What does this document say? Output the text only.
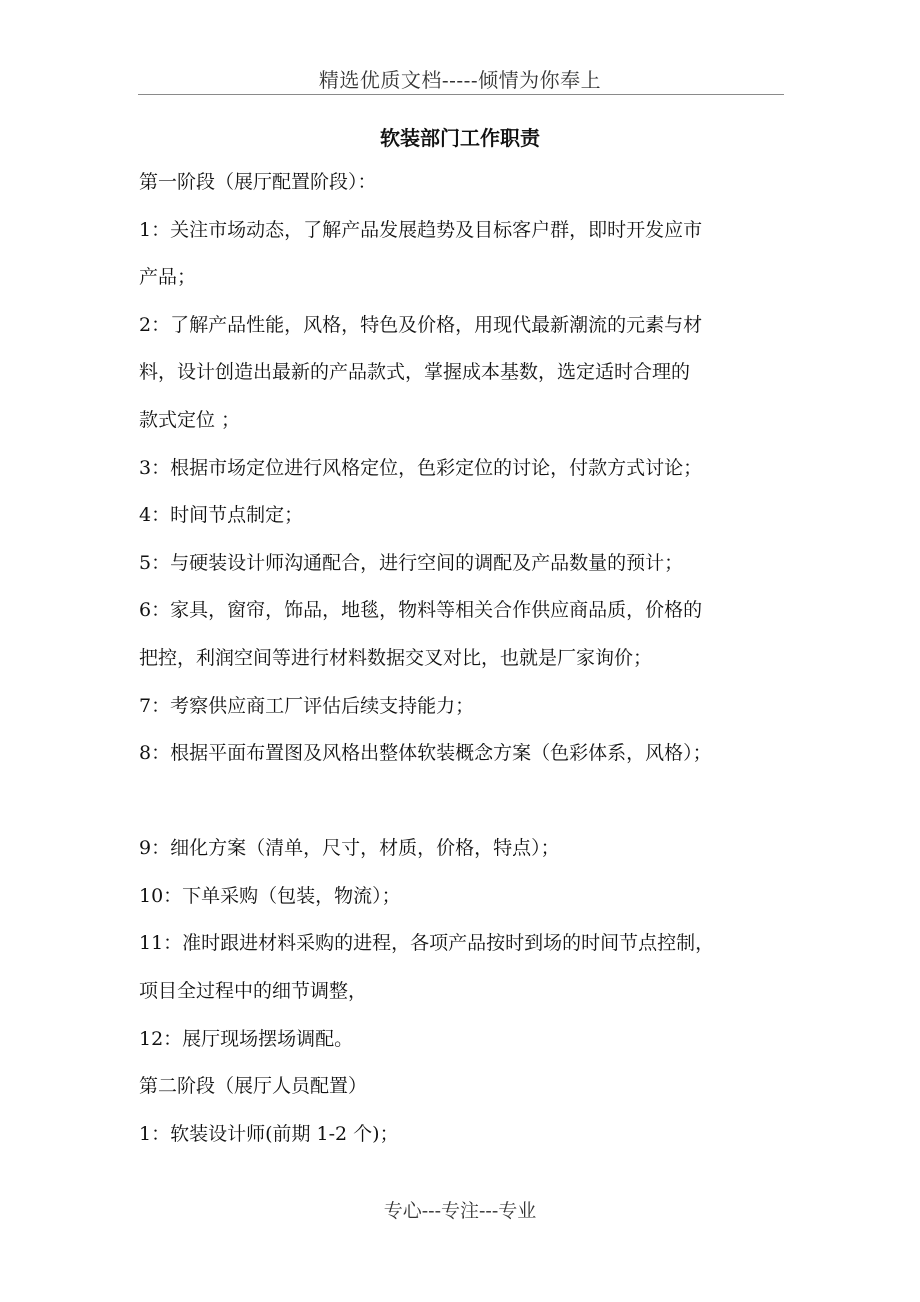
精选优质文档-----倾情为你奉上
软装部门工作职责
第一阶段（展厅配置阶段）：
1：关注市场动态，了解产品发展趋势及目标客户群，即时开发应市
产品；
2：了解产品性能，风格，特色及价格，用现代最新潮流的元素与材
料，设计创造出最新的产品款式，掌握成本基数，选定适时合理的
款式定位 ；
3：根据市场定位进行风格定位，色彩定位的讨论，付款方式讨论；
4：时间节点制定；
5：与硬装设计师沟通配合，进行空间的调配及产品数量的预计；
6：家具，窗帘，饰品，地毯，物料等相关合作供应商品质，价格的
把控，利润空间等进行材料数据交叉对比，也就是厂家询价；
7：考察供应商工厂评估后续支持能力；
8：根据平面布置图及风格出整体软装概念方案（色彩体系，风格）；
9：细化方案（清单，尺寸，材质，价格，特点）；
10：下单采购（包装，物流）；
11：准时跟进材料采购的进程，各项产品按时到场的时间节点控制，
项目全过程中的细节调整，
12：展厅现场摆场调配。
第二阶段（展厅人员配置）
1：软装设计师(前期 1-2 个)；
专心---专注---专业
